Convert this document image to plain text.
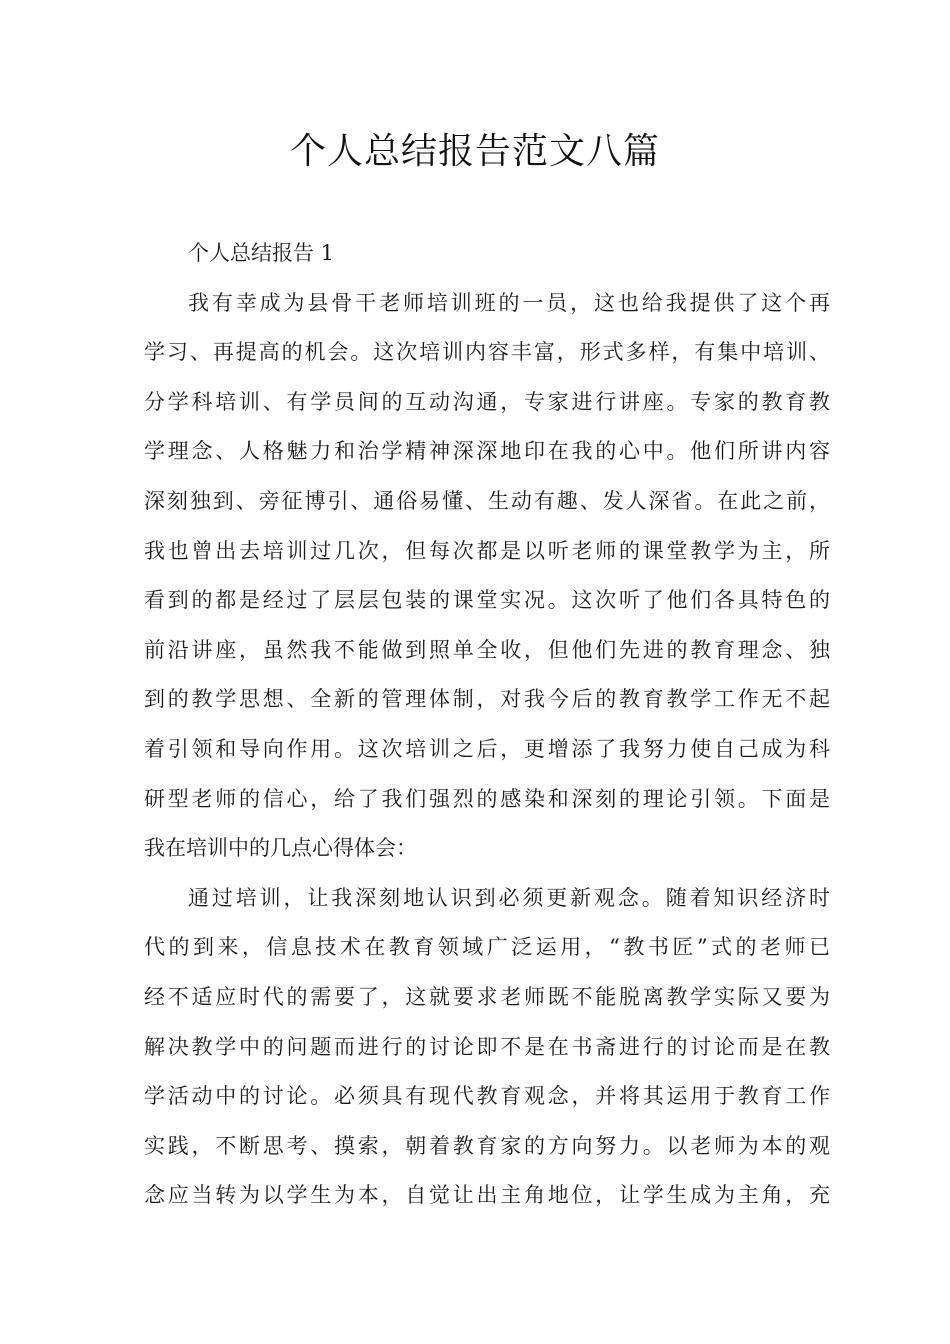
个人总结报告范文八篇
个人总结报告 1
我有幸成为县骨干老师培训班的一员，这也给我提供了这个再
学习、再提高的机会。这次培训内容丰富，形式多样，有集中培训、
分学科培训、有学员间的互动沟通，专家进行讲座。专家的教育教
学理念、人格魅力和治学精神深深地印在我的心中。他们所讲内容
深刻独到、旁征博引、通俗易懂、生动有趣、发人深省。在此之前，
我也曾出去培训过几次，但每次都是以听老师的课堂教学为主，所
看到的都是经过了层层包装的课堂实况。这次听了他们各具特色的
前沿讲座，虽然我不能做到照单全收，但他们先进的教育理念、独
到的教学思想、全新的管理体制，对我今后的教育教学工作无不起
着引领和导向作用。这次培训之后，更增添了我努力使自己成为科
研型老师的信心，给了我们强烈的感染和深刻的理论引领。下面是
我在培训中的几点心得体会：
通过培训，让我深刻地认识到必须更新观念。随着知识经济时
代的到来，信息技术在教育领域广泛运用，“教书匠”式的老师已
经不适应时代的需要了，这就要求老师既不能脱离教学实际又要为
解决教学中的问题而进行的讨论即不是在书斋进行的讨论而是在教
学活动中的讨论。必须具有现代教育观念，并将其运用于教育工作
实践，不断思考、摸索，朝着教育家的方向努力。以老师为本的观
念应当转为以学生为本，自觉让出主角地位，让学生成为主角，充
